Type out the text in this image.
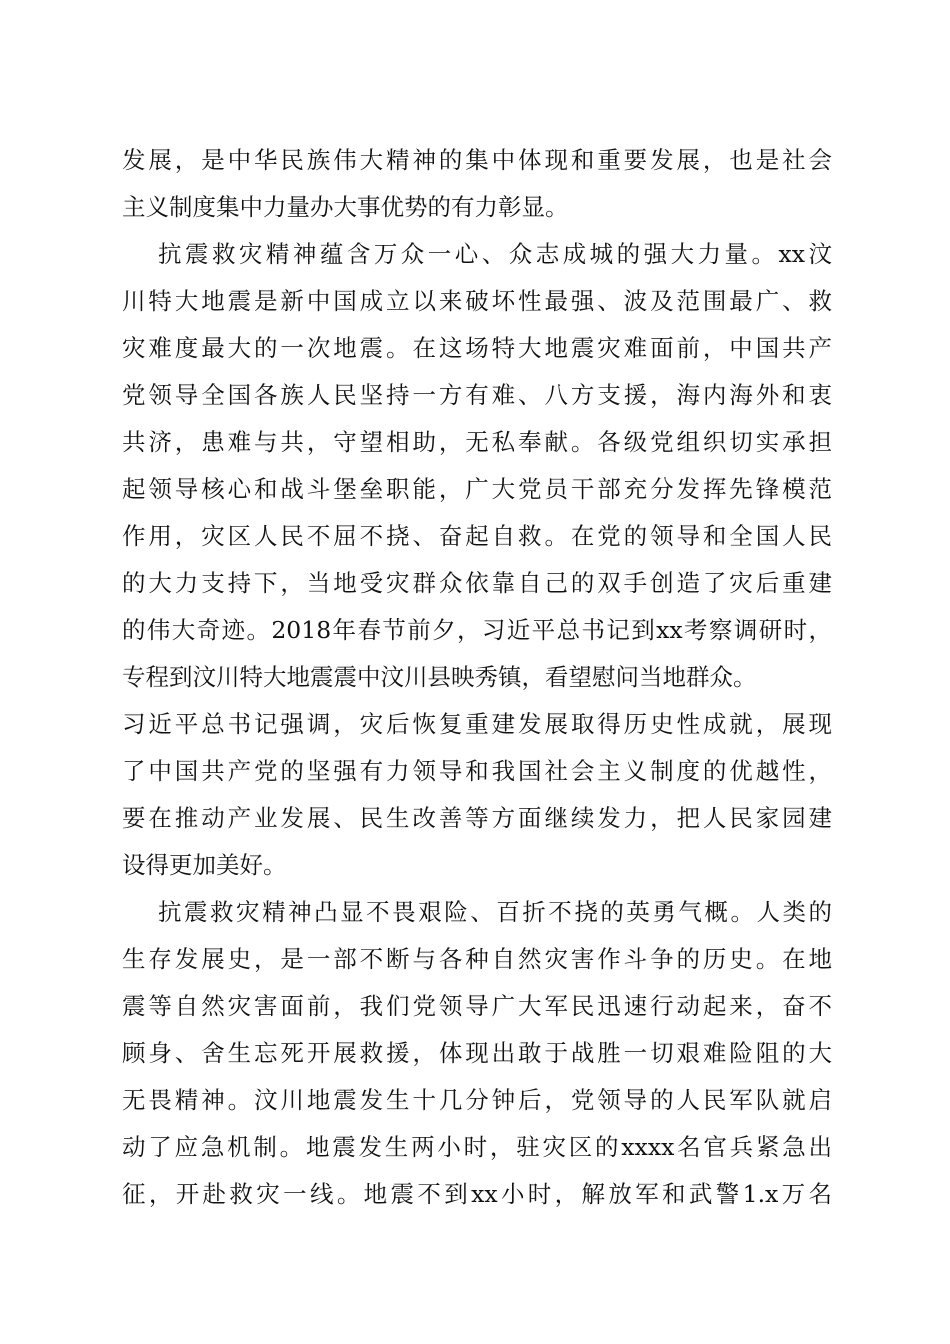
发展，是中华民族伟大精神的集中体现和重要发展，也是社会
主义制度集中力量办大事优势的有力彰显。
抗震救灾精神蕴含万众一心、众志成城的强大力量。xx汶
川特大地震是新中国成立以来破坏性最强、波及范围最广、救
灾难度最大的一次地震。在这场特大地震灾难面前，中国共产
党领导全国各族人民坚持一方有难、八方支援，海内海外和衷
共济，患难与共，守望相助，无私奉献。各级党组织切实承担
起领导核心和战斗堡垒职能，广大党员干部充分发挥先锋模范
作用，灾区人民不屈不挠、奋起自救。在党的领导和全国人民
的大力支持下，当地受灾群众依靠自己的双手创造了灾后重建
的伟大奇迹。2018年春节前夕，习近平总书记到xx考察调研时，
专程到汶川特大地震震中汶川县映秀镇，看望慰问当地群众。
习近平总书记强调，灾后恢复重建发展取得历史性成就，展现
了中国共产党的坚强有力领导和我国社会主义制度的优越性，
要在推动产业发展、民生改善等方面继续发力，把人民家园建
设得更加美好。
抗震救灾精神凸显不畏艰险、百折不挠的英勇气概。人类的
生存发展史，是一部不断与各种自然灾害作斗争的历史。在地
震等自然灾害面前，我们党领导广大军民迅速行动起来，奋不
顾身、舍生忘死开展救援，体现出敢于战胜一切艰难险阻的大
无畏精神。汶川地震发生十几分钟后，党领导的人民军队就启
动了应急机制。地震发生两小时，驻灾区的xxxx名官兵紧急出
征，开赴救灾一线。地震不到xx小时，解放军和武警1.x万名
